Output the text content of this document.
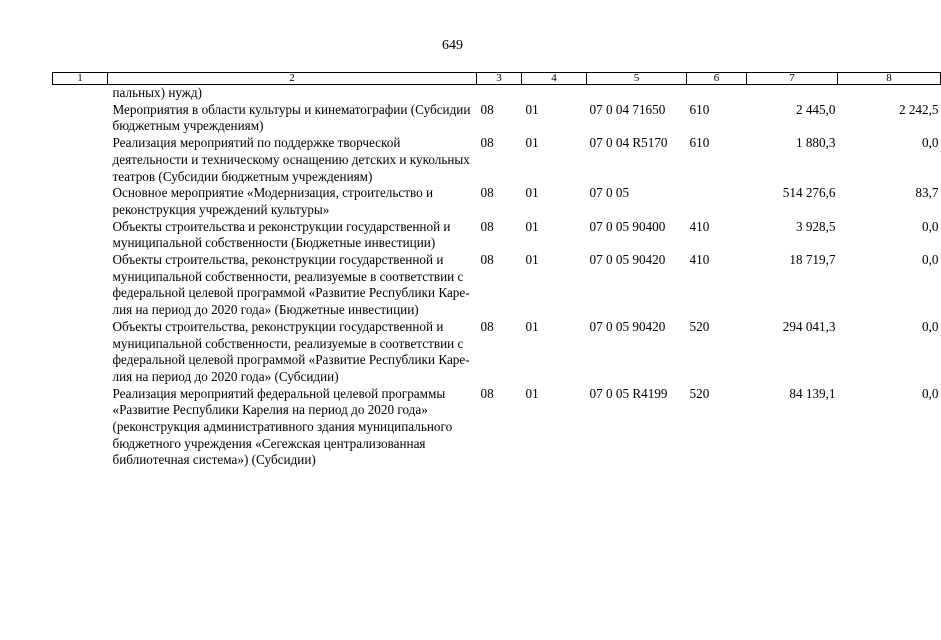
649
1	2	3	4	5	6	7	8
	пальных) нужд)						
	Мероприятия в области культуры и кинематографии (Субсидии бюджетным учреждениям)	08	01	07 0 04 71650	610	2 445,0	2 242,5
	Реализация мероприятий по поддержке творческой деятельности и техническому оснащению детских и кукольных театров (Субсидии бюджетным учреждениям)	08	01	07 0 04 R5170	610	1 880,3	0,0
	Основное мероприятие «Модернизация, строительство и реконструкция учреждений культуры»	08	01	07 0 05		514 276,6	83,7
	Объекты строительства и реконструкции государственной и муниципальной собственности (Бюджетные инвестиции)	08	01	07 0 05 90400	410	3 928,5	0,0
	Объекты строительства, реконструкции государственной и муниципальной собственности, реализуемые в соответствии с федеральной целевой программой «Развитие Республики Карелия на период до 2020 года» (Бюджетные инвестиции)	08	01	07 0 05 90420	410	18 719,7	0,0
	Объекты строительства, реконструкции государственной и муниципальной собственности, реализуемые в соответствии с федеральной целевой программой «Развитие Республики Карелия на период до 2020 года» (Субсидии)	08	01	07 0 05 90420	520	294 041,3	0,0
	Реализация мероприятий федеральной целевой программы «Развитие Республики Карелия на период до 2020 года» (реконструкция административного здания муниципального бюджетного учреждения «Сегежская централизованная библиотечная система») (Субсидии)	08	01	07 0 05 R4199	520	84 139,1	0,0
